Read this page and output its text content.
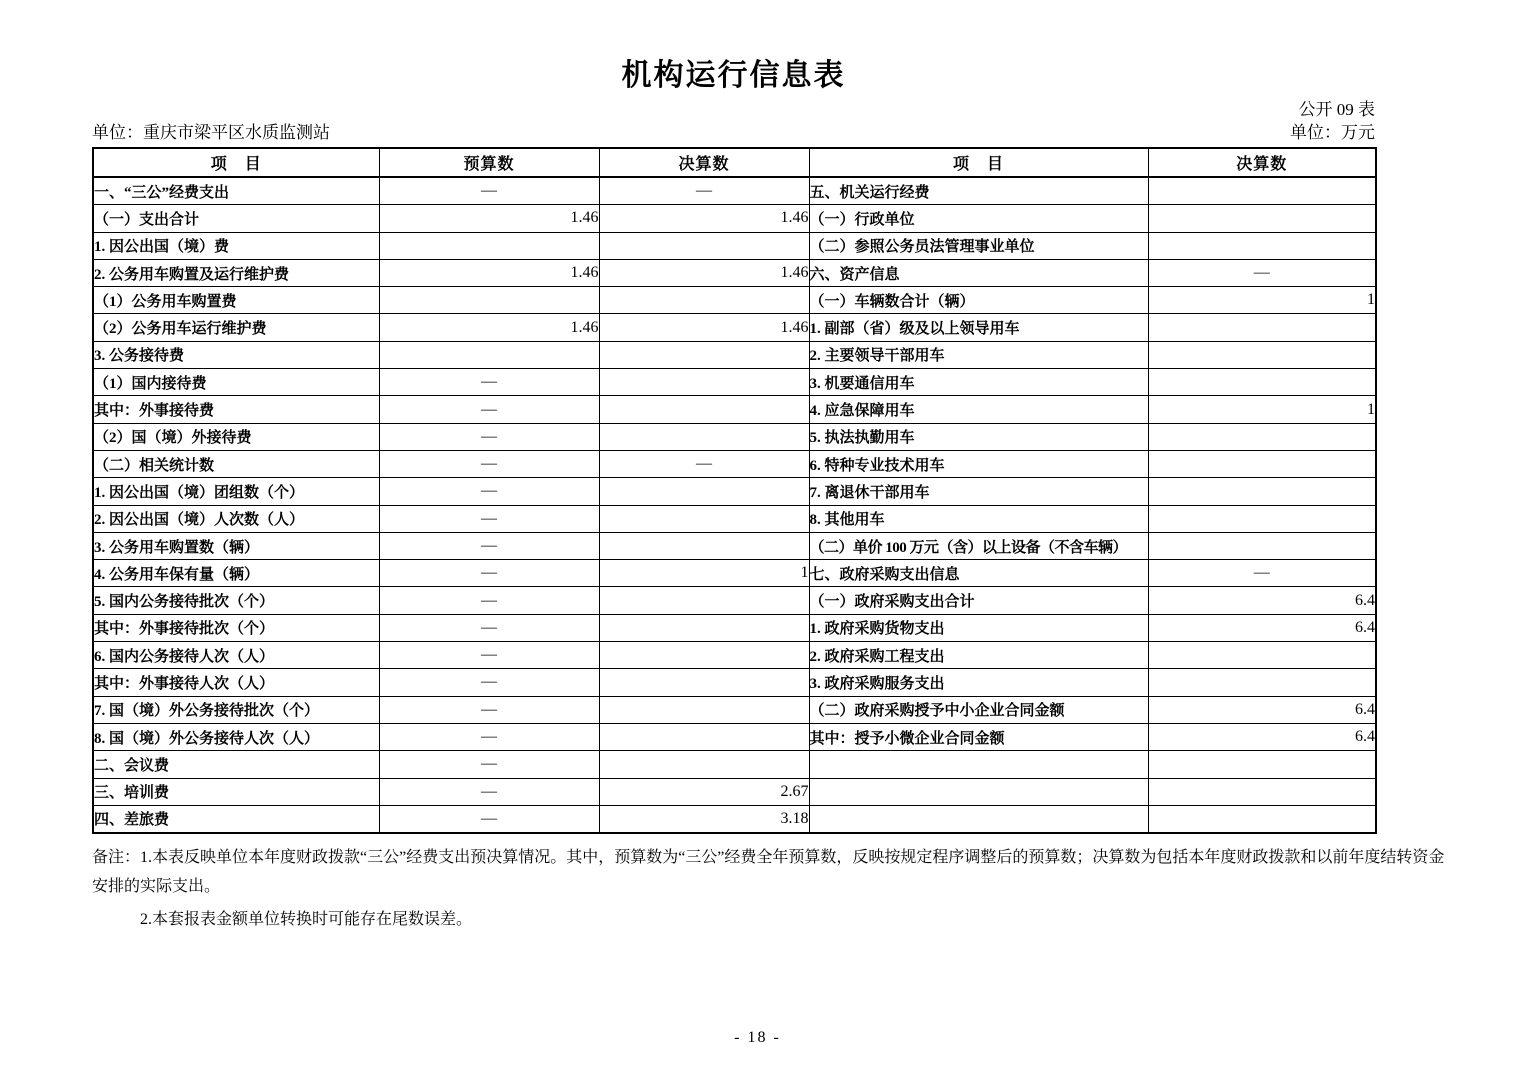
机构运行信息表
公开 09 表
单位：重庆市梁平区水质监测站	单位：万元
项　目	预算数	决算数	项　目	决算数
一、“三公”经费支出	—	—	五、机关运行经费	
（一）支出合计	1.46	1.46	（一）行政单位	
1. 因公出国（境）费			（二）参照公务员法管理事业单位	
2. 公务用车购置及运行维护费	1.46	1.46	六、资产信息	—
（1）公务用车购置费			（一）车辆数合计（辆）	1
（2）公务用车运行维护费	1.46	1.46	1. 副部（省）级及以上领导用车	
3. 公务接待费			2. 主要领导干部用车	
（1）国内接待费	—		3. 机要通信用车	
其中：外事接待费	—		4. 应急保障用车	1
（2）国（境）外接待费	—		5. 执法执勤用车	
（二）相关统计数	—	—	6. 特种专业技术用车	
1. 因公出国（境）团组数（个）	—		7. 离退休干部用车	
2. 因公出国（境）人次数（人）	—		8. 其他用车	
3. 公务用车购置数（辆）	—		（二）单价 100 万元（含）以上设备（不含车辆）	
4. 公务用车保有量（辆）	—	1	七、政府采购支出信息	—
5. 国内公务接待批次（个）	—		（一）政府采购支出合计	6.4
其中：外事接待批次（个）	—		1. 政府采购货物支出	6.4
6. 国内公务接待人次（人）	—		2. 政府采购工程支出	
其中：外事接待人次（人）	—		3. 政府采购服务支出	
7. 国（境）外公务接待批次（个）	—		（二）政府采购授予中小企业合同金额	6.4
8. 国（境）外公务接待人次（人）	—		其中：授予小微企业合同金额	6.4
二、会议费	—			
三、培训费	—	2.67		
四、差旅费	—	3.18		
备注：1.本表反映单位本年度财政拨款“三公”经费支出预决算情况。其中，预算数为“三公”经费全年预算数，反映按规定程序调整后的预算数；决算数为包括本年度财政拨款和以前年度结转资金
安排的实际支出。
2.本套报表金额单位转换时可能存在尾数误差。
- 18 -
